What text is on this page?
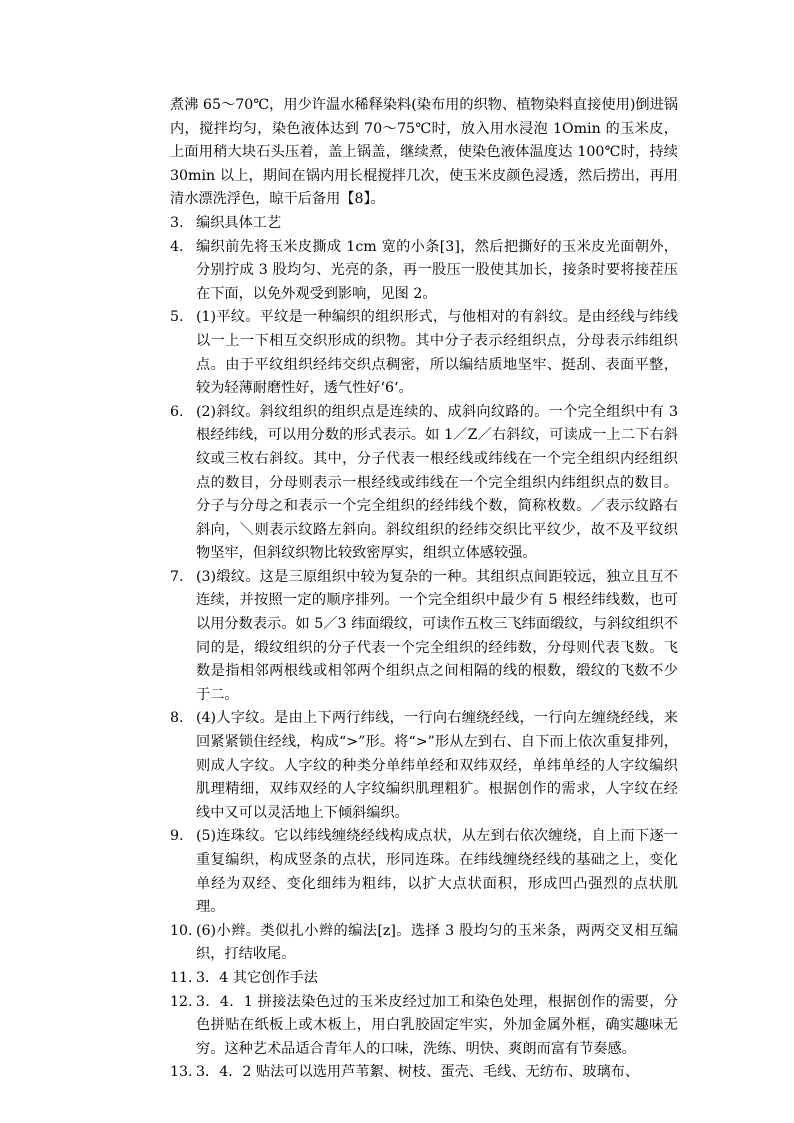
煮沸 65～70℃，用少许温水稀释染料(染布用的织物、植物染料直接使用)倒进锅内，搅拌均匀，染色液体达到 70～75℃时，放入用水浸泡 1Omin 的玉米皮，上面用稍大块石头压着，盖上锅盖，继续煮，使染色液体温度达 100℃时，持续 30min 以上，期间在锅内用长棍搅拌几次，使玉米皮颜色浸透，然后捞出，再用清水漂洗浮色，晾干后备用【8】。

3. 编织具体工艺
4. 编织前先将玉米皮撕成 1cm 宽的小条[3]，然后把撕好的玉米皮光面朝外，分别拧成 3 股均匀、光亮的条，再一股压一股使其加长，接条时要将接茬压在下面，以免外观受到影响，见图 2。
5. (1)平纹。平纹是一种编织的组织形式，与他相对的有斜纹。是由经线与纬线以一上一下相互交织形成的织物。其中分子表示经组织点，分母表示纬组织点。由于平纹组织经纬交织点稠密，所以编结质地坚牢、挺刮、表面平整，较为轻薄耐磨性好，透气性好‘6‘。
6. (2)斜纹。斜纹组织的组织点是连续的、成斜向纹路的。一个完全组织中有 3 根经纬线，可以用分数的形式表示。如 1／Z／右斜纹，可读成一上二下右斜纹或三枚右斜纹。其中，分子代表一根经线或纬线在一个完全组织内经组织点的数目，分母则表示一根经线或纬线在一个完全组织内纬组织点的数目。分子与分母之和表示一个完全组织的经纬线个数，简称枚数。／表示纹路右斜向，＼则表示纹路左斜向。斜纹组织的经纬交织比平纹少，故不及平纹织物坚牢，但斜纹织物比较致密厚实，组织立体感较强。
7. (3)缎纹。这是三原组织中较为复杂的一种。其组织点间距较远，独立且互不连续，并按照一定的顺序排列。一个完全组织中最少有 5 根经纬线数，也可以用分数表示。如 5／3 纬面缎纹，可读作五枚三飞纬面缎纹，与斜纹组织不同的是，缎纹组织的分子代表一个完全组织的经纬数，分母则代表飞数。飞数是指相邻两根线或相邻两个组织点之间相隔的线的根数，缎纹的飞数不少于二。
8. (4)人字纹。是由上下两行纬线，一行向右缠绕经线，一行向左缠绕经线，来回紧紧锁住经线，构成“>”形。将“>”形从左到右、自下而上依次重复排列，则成人字纹。人字纹的种类分单纬单经和双纬双经，单纬单经的人字纹编织肌理精细，双纬双经的人字纹编织肌理粗犷。根据创作的需求，人字纹在经线中又可以灵活地上下倾斜编织。
9. (5)连珠纹。它以纬线缠绕经线构成点状，从左到右依次缠绕，自上而下逐一重复编织，构成竖条的点状，形同连珠。在纬线缠绕经线的基础之上，变化单经为双经、变化细纬为粗纬，以扩大点状面积，形成凹凸强烈的点状肌理。
10. (6)小辫。类似扎小辫的编法[z]。选择 3 股均匀的玉米条，两两交叉相互编织，打结收尾。
11. 3．4 其它创作手法
12. 3．4．1 拼接法染色过的玉米皮经过加工和染色处理，根据创作的需要，分色拼贴在纸板上或木板上，用白乳胶固定牢实，外加金属外框，确实趣味无穷。这种艺术品适合青年人的口味，洗练、明快、爽朗而富有节奏感。
13. 3．4．2 贴法可以选用芦苇絮、树枝、蛋壳、毛线、无纺布、玻璃布、
